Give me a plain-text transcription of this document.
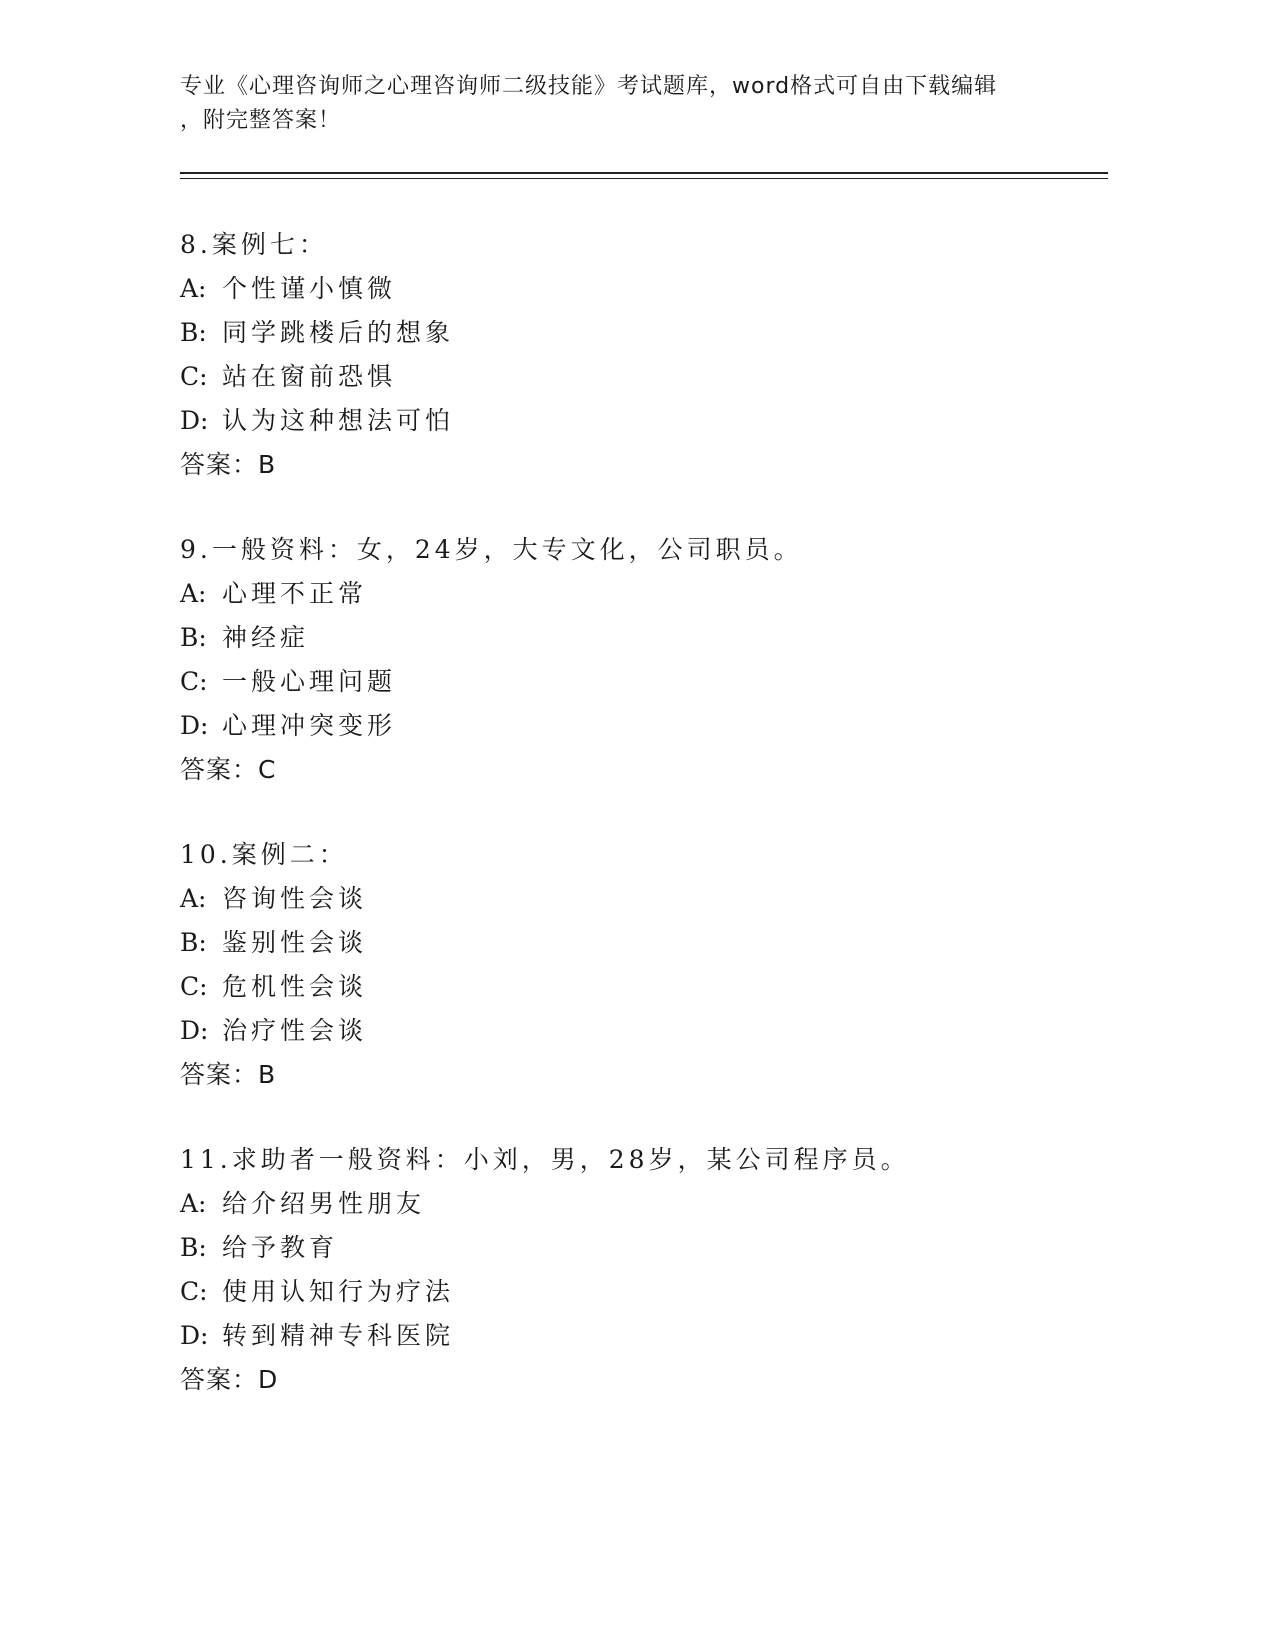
专业《心理咨询师之心理咨询师二级技能》考试题库，word格式可自由下载编辑
，附完整答案！
8.案例七：
A: 个性谨小慎微
B: 同学跳楼后的想象
C: 站在窗前恐惧
D: 认为这种想法可怕
答案：B
9.一般资料：女，24岁，大专文化，公司职员。
A: 心理不正常
B: 神经症
C: 一般心理问题
D: 心理冲突变形
答案：C
10.案例二：
A: 咨询性会谈
B: 鉴别性会谈
C: 危机性会谈
D: 治疗性会谈
答案：B
11.求助者一般资料：小刘，男，28岁，某公司程序员。
A: 给介绍男性朋友
B: 给予教育
C: 使用认知行为疗法
D: 转到精神专科医院
答案：D
